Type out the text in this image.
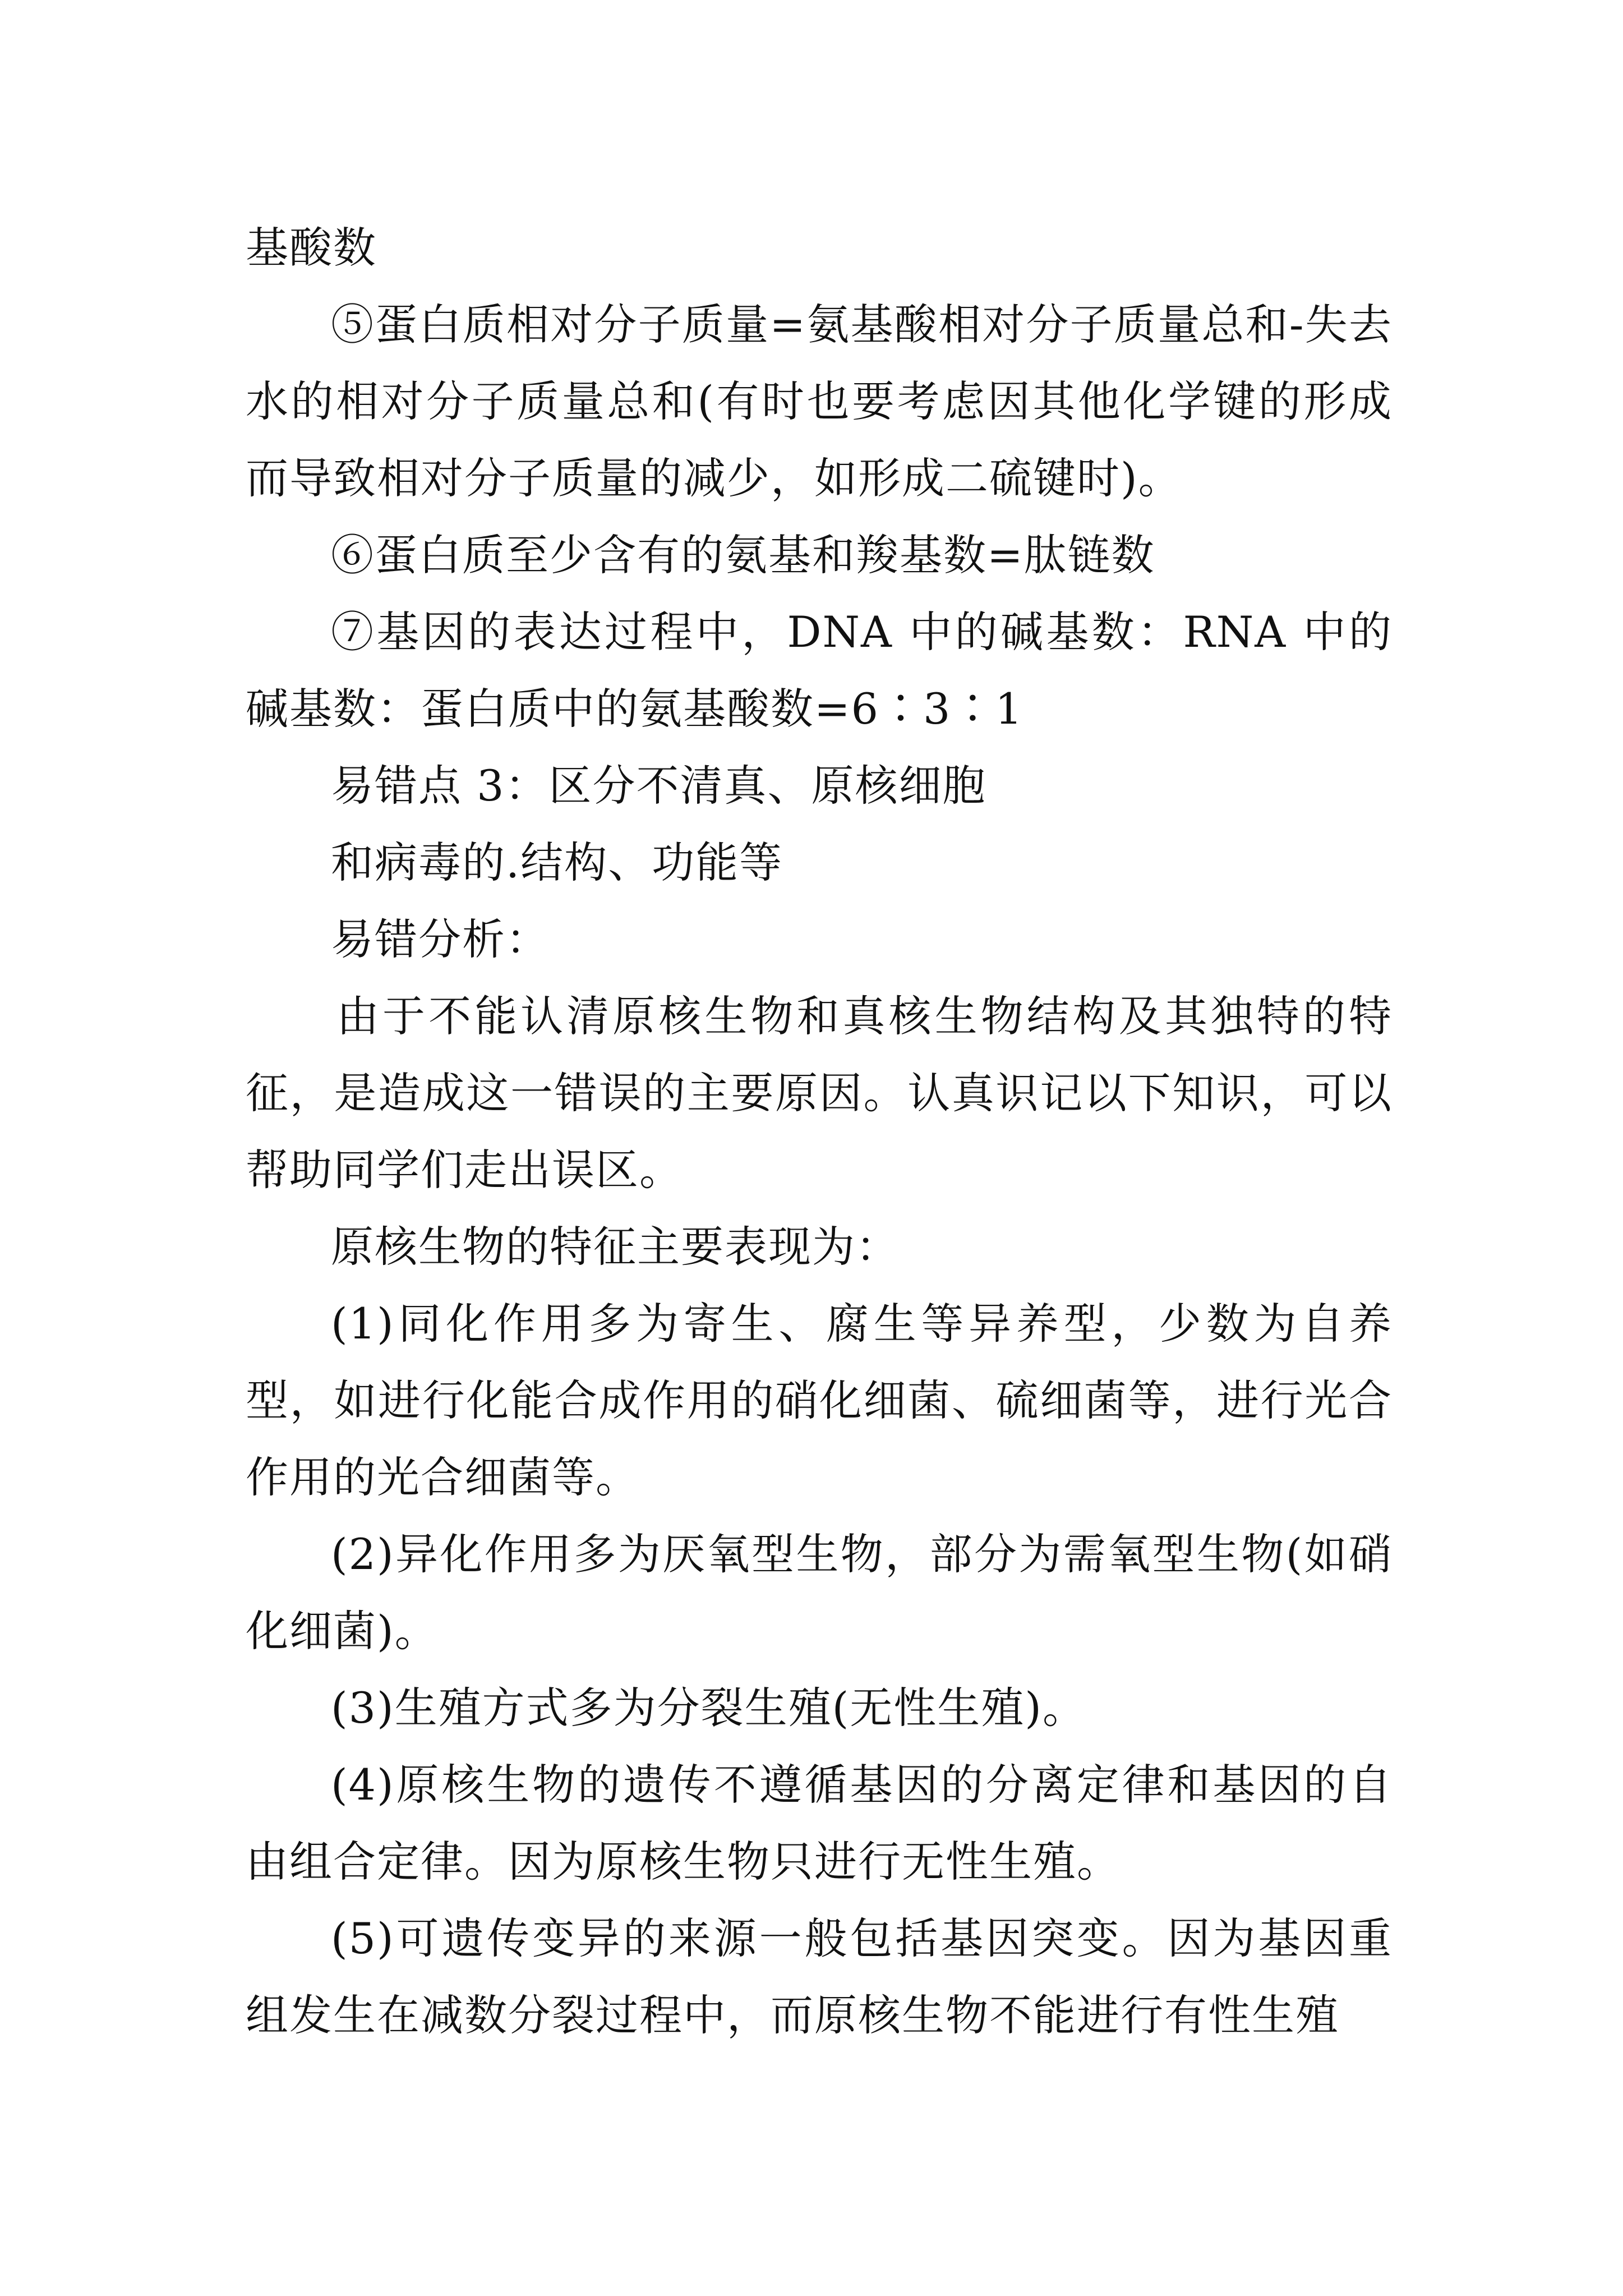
基酸数

⑤蛋白质相对分子质量=氨基酸相对分子质量总和-失去水的相对分子质量总和(有时也要考虑因其他化学键的形成而导致相对分子质量的减少，如形成二硫键时)。

⑥蛋白质至少含有的氨基和羧基数=肽链数

⑦基因的表达过程中，DNA 中的碱基数：RNA 中的碱基数：蛋白质中的氨基酸数=6∶3∶1

易错点 3：区分不清真、原核细胞

和病毒的.结构、功能等

易错分析：

由于不能认清原核生物和真核生物结构及其独特的特征，是造成这一错误的主要原因。认真识记以下知识，可以帮助同学们走出误区。

原核生物的特征主要表现为：

(1)同化作用多为寄生、腐生等异养型，少数为自养型，如进行化能合成作用的硝化细菌、硫细菌等，进行光合作用的光合细菌等。

(2)异化作用多为厌氧型生物，部分为需氧型生物(如硝化细菌)。

(3)生殖方式多为分裂生殖(无性生殖)。

(4)原核生物的遗传不遵循基因的分离定律和基因的自由组合定律。因为原核生物只进行无性生殖。

(5)可遗传变异的来源一般包括基因突变。因为基因重组发生在减数分裂过程中，而原核生物不能进行有性生殖
